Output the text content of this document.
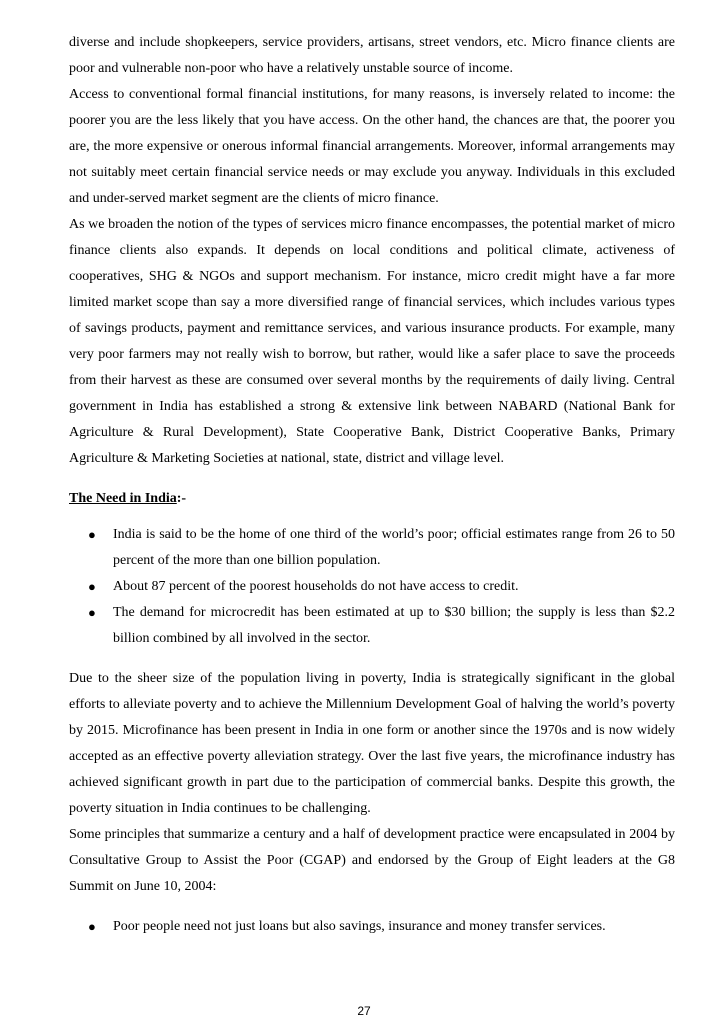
diverse and include shopkeepers, service providers, artisans, street vendors, etc. Micro finance clients are poor and vulnerable non-poor who have a relatively unstable source of income.

Access to conventional formal financial institutions, for many reasons, is inversely related to income: the poorer you are the less likely that you have access. On the other hand, the chances are that, the poorer you are, the more expensive or onerous informal financial arrangements. Moreover, informal arrangements may not suitably meet certain financial service needs or may exclude you anyway. Individuals in this excluded and under-served market segment are the clients of micro finance.

As we broaden the notion of the types of services micro finance encompasses, the potential market of micro finance clients also expands. It depends on local conditions and political climate, activeness of cooperatives, SHG & NGOs and support mechanism. For instance, micro credit might have a far more limited market scope than say a more diversified range of financial services, which includes various types of savings products, payment and remittance services, and various insurance products. For example, many very poor farmers may not really wish to borrow, but rather, would like a safer place to save the proceeds from their harvest as these are consumed over several months by the requirements of daily living. Central government in India has established a strong & extensive link between NABARD (National Bank for Agriculture & Rural Development), State Cooperative Bank, District Cooperative Banks, Primary Agriculture & Marketing Societies at national, state, district and village level.

The Need in India:-

● India is said to be the home of one third of the world’s poor; official estimates range from 26 to 50 percent of the more than one billion population.
● About 87 percent of the poorest households do not have access to credit.
● The demand for microcredit has been estimated at up to $30 billion; the supply is less than $2.2 billion combined by all involved in the sector.

Due to the sheer size of the population living in poverty, India is strategically significant in the global efforts to alleviate poverty and to achieve the Millennium Development Goal of halving the world’s poverty by 2015. Microfinance has been present in India in one form or another since the 1970s and is now widely accepted as an effective poverty alleviation strategy. Over the last five years, the microfinance industry has achieved significant growth in part due to the participation of commercial banks. Despite this growth, the poverty situation in India continues to be challenging.

Some principles that summarize a century and a half of development practice were encapsulated in 2004 by Consultative Group to Assist the Poor (CGAP) and endorsed by the Group of Eight leaders at the G8 Summit on June 10, 2004:

● Poor people need not just loans but also savings, insurance and money transfer services.
27
